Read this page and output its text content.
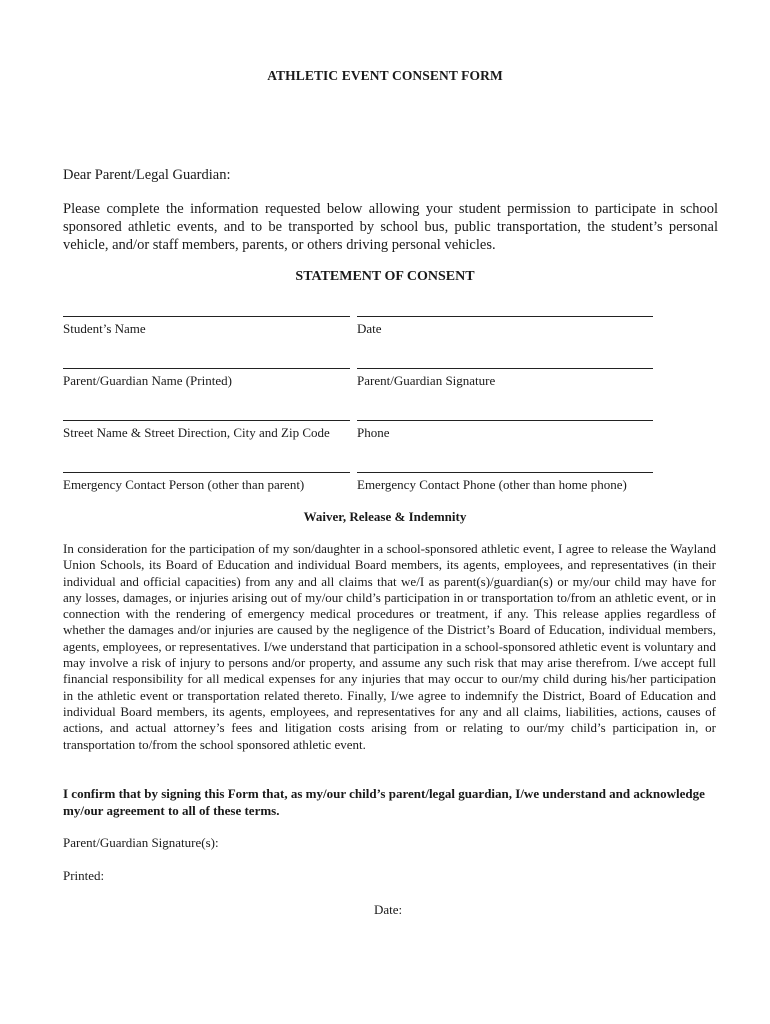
ATHLETIC EVENT CONSENT FORM
Dear Parent/Legal Guardian:
Please complete the information requested below allowing your student permission to participate in school sponsored athletic events, and to be transported by school bus, public transportation, the student’s personal vehicle, and/or staff members, parents, or others driving personal vehicles.
STATEMENT OF CONSENT
Student’s Name	Date
Parent/Guardian Name (Printed)	Parent/Guardian Signature
Street Name & Street Direction, City and Zip Code	Phone
Emergency Contact Person (other than parent)	Emergency Contact Phone (other than home phone)
Waiver, Release & Indemnity
In consideration for the participation of my son/daughter in a school-sponsored athletic event, I agree to release the Wayland Union Schools, its Board of Education and individual Board members, its agents, employees, and representatives (in their individual and official capacities) from any and all claims that we/I as parent(s)/guardian(s) or my/our child may have for any losses, damages, or injuries arising out of my/our child’s participation in or transportation to/from an athletic event, or in connection with the rendering of emergency medical procedures or treatment, if any. This release applies regardless of whether the damages and/or injuries are caused by the negligence of the District’s Board of Education, individual members, agents, employees, or representatives. I/we understand that participation in a school-sponsored athletic event is voluntary and may involve a risk of injury to persons and/or property, and assume any such risk that may arise therefrom. I/we accept full financial responsibility for all medical expenses for any injuries that may occur to our/my child during his/her participation in the athletic event or transportation related thereto. Finally, I/we agree to indemnify the District, Board of Education and individual Board members, its agents, employees, and representatives for any and all claims, liabilities, actions, causes of actions, and actual attorney’s fees and litigation costs arising from or relating to our/my child’s participation in, or transportation to/from the school sponsored athletic event.
I confirm that by signing this Form that, as my/our child’s parent/legal guardian, I/we understand and acknowledge my/our agreement to all of these terms.
Parent/Guardian Signature(s):
Printed:
Date:
